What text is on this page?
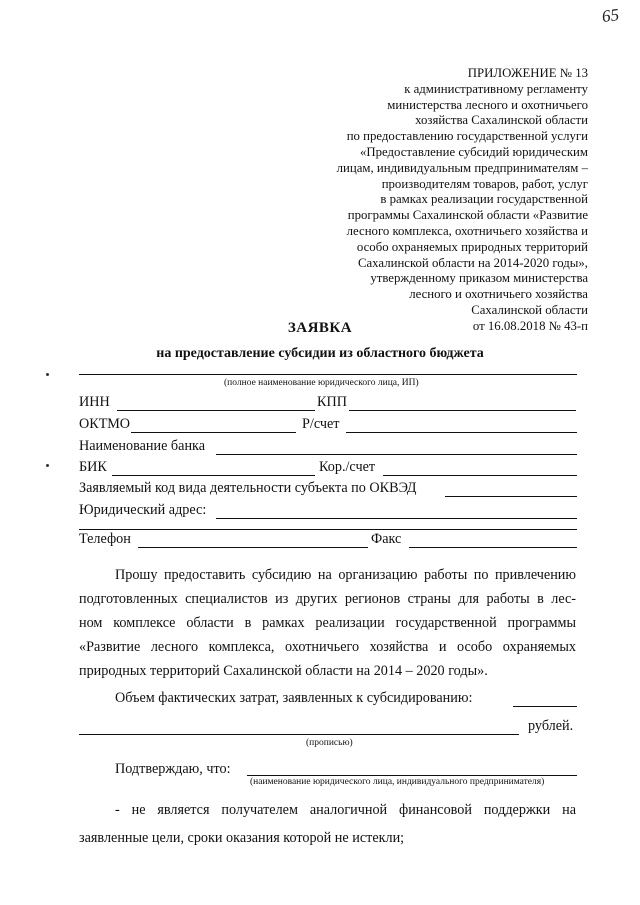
65
ПРИЛОЖЕНИЕ № 13
к административному регламенту
министерства лесного и охотничьего
хозяйства Сахалинской области
по предоставлению государственной услуги
«Предоставление субсидий юридическим
лицам, индивидуальным предпринимателям –
производителям товаров, работ, услуг
в рамках реализации государственной
программы Сахалинской области «Развитие
лесного комплекса, охотничьего хозяйства и
особо охраняемых природных территорий
Сахалинской области на 2014-2020 годы»,
утвержденному приказом министерства
лесного и охотничьего хозяйства
Сахалинской области
от 16.08.2018 № 43-п
ЗАЯВКА
на предоставление субсидии из областного бюджета
(полное наименование юридического лица, ИП)
ИНН	КПП
ОКТМО	Р/счет
Наименование банка
БИК	Кор./счет
Заявляемый код вида деятельности субъекта по ОКВЭД
Юридический адрес:
Телефон	Факс
Прошу предоставить субсидию на организацию работы по привлечению
подготовленных специалистов из других регионов страны для работы в лес-
ном комплексе области в рамках реализации государственной программы
«Развитие лесного комплекса, охотничьего хозяйства и особо охраняемых
природных территорий Сахалинской области на 2014 – 2020 годы».
Объем фактических затрат, заявленных к субсидированию:
рублей.
(прописью)
Подтверждаю, что:
(наименование юридического лица, индивидуального предпринимателя)
- не является получателем аналогичной финансовой поддержки на
заявленные цели, сроки оказания которой не истекли;
